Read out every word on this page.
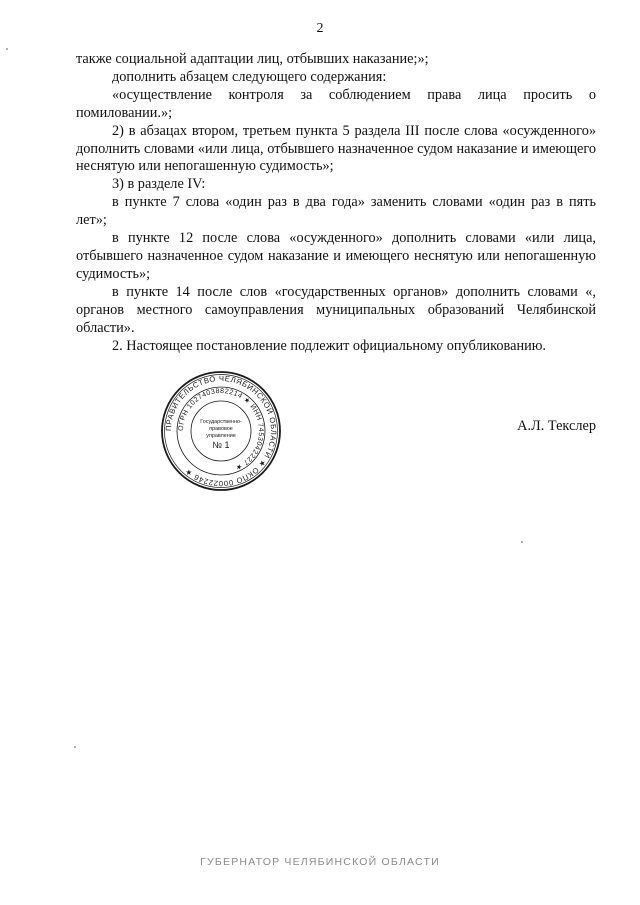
2

также социальной адаптации лиц, отбывших наказание;»;

дополнить абзацем следующего содержания:

«осуществление контроля за соблюдением права лица просить о помиловании.»;

2) в абзацах втором, третьем пункта 5 раздела III после слова «осужденного» дополнить словами «или лица, отбывшего назначенное судом наказание и имеющего неснятую или непогашенную судимость»;

3) в разделе IV:

в пункте 7 слова «один раз в два года» заменить словами «один раз в пять лет»;

в пункте 12 после слова «осужденного» дополнить словами «или лица, отбывшего назначенное судом наказание и имеющего неснятую или непогашенную судимость»;

в пункте 14 после слов «государственных органов» дополнить словами «, органов местного самоуправления муниципальных образований Челябинской области».

2. Настоящее постановление подлежит официальному опубликованию.

ПРАВИТЕЛЬСТВО ЧЕЛЯБИНСКОЙ ОБЛАСТИ ★ ОКПО 00022246 ★
ОГРН 1027403882214 ★ ИНН 7453042227 ★
Государственно-
правовое
управление
№ 1
А.Л. Текслер
ГУБЕРНАТОР ЧЕЛЯБИНСКОЙ ОБЛАСТИ
